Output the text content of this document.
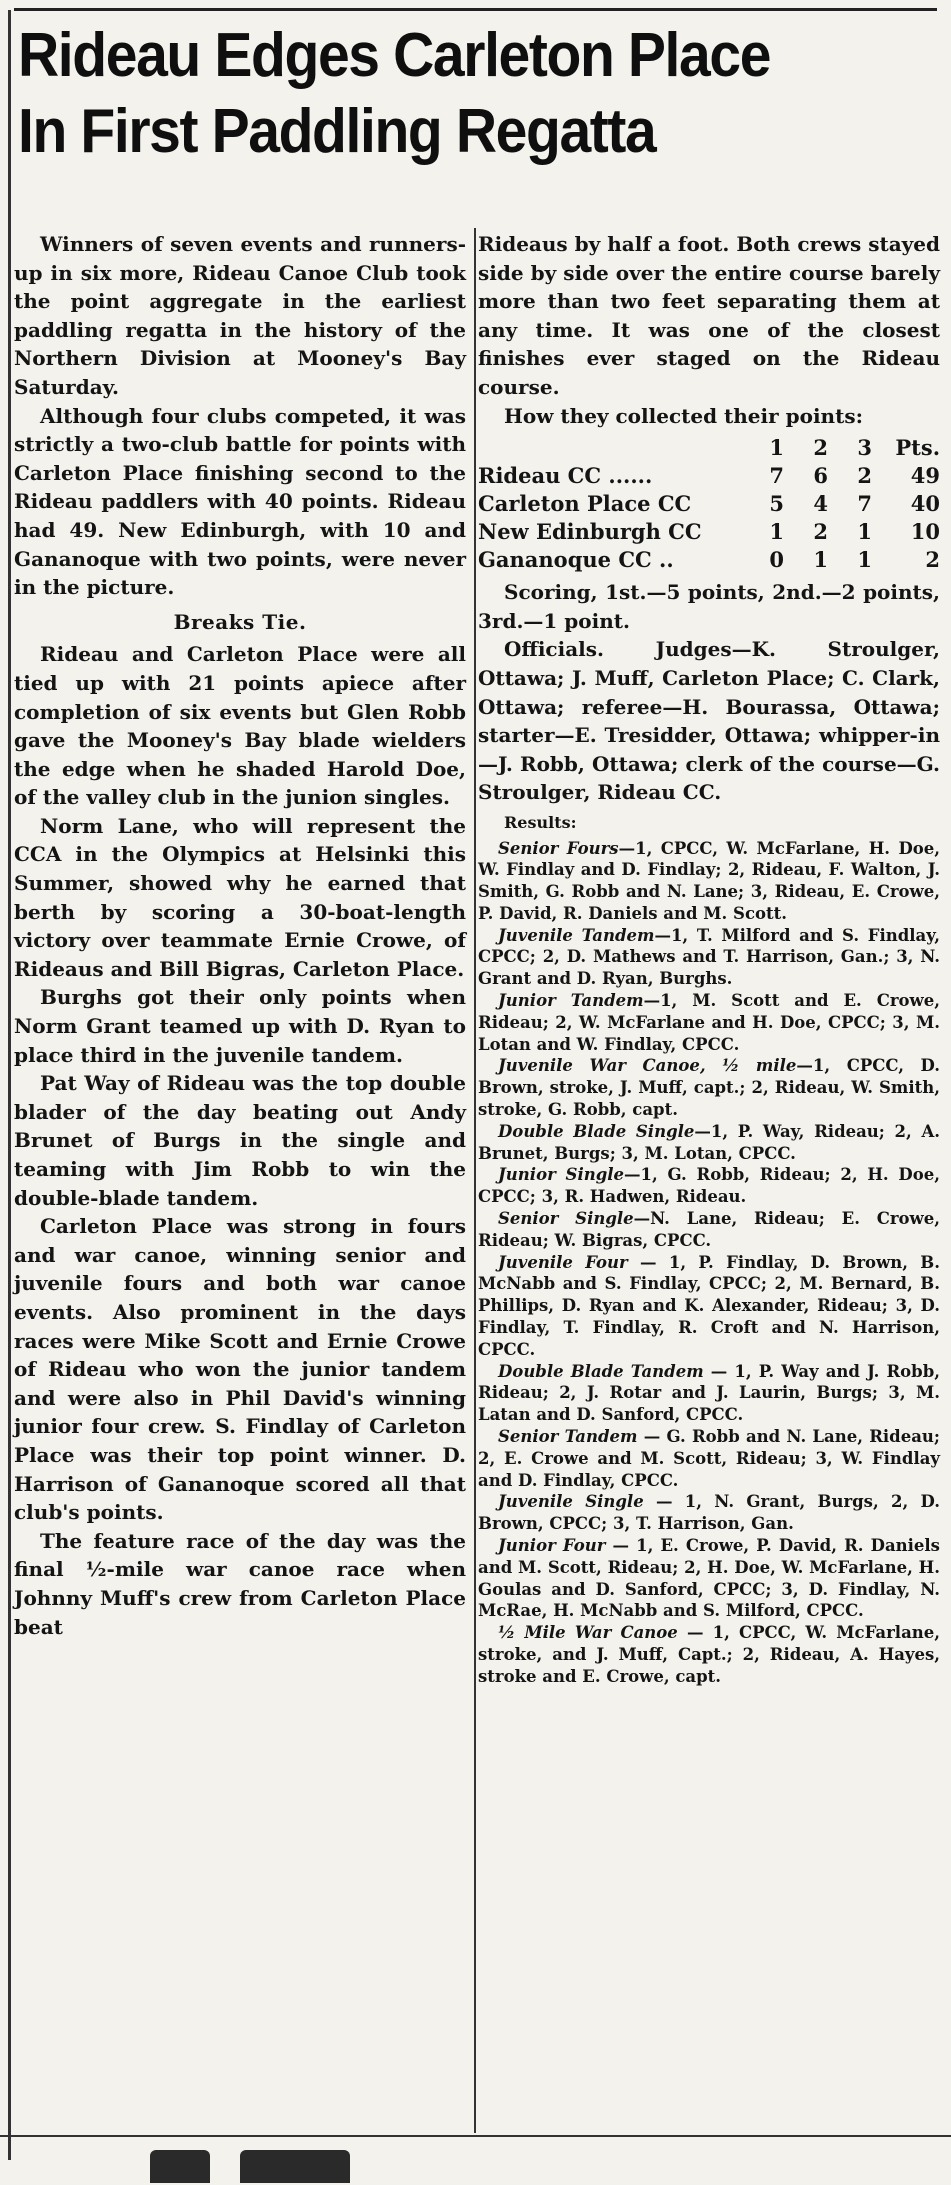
Rideau Edges Carleton Place
In First Paddling Regatta

Winners of seven events and runners-up in six more, Rideau Canoe Club took the point aggregate in the earliest paddling regatta in the history of the Northern Division at Mooney's Bay Saturday.

Although four clubs competed, it was strictly a two-club battle for points with Carleton Place finishing second to the Rideau paddlers with 40 points. Rideau had 49. New Edinburgh, with 10 and Gananoque with two points, were never in the picture.

Breaks Tie.

Rideau and Carleton Place were all tied up with 21 points apiece after completion of six events but Glen Robb gave the Mooney's Bay blade wielders the edge when he shaded Harold Doe, of the valley club in the junion singles.

Norm Lane, who will represent the CCA in the Olympics at Helsinki this Summer, showed why he earned that berth by scoring a 30-boat-length victory over teammate Ernie Crowe, of Rideaus and Bill Bigras, Carleton Place.

Burghs got their only points when Norm Grant teamed up with D. Ryan to place third in the juvenile tandem.

Pat Way of Rideau was the top double blader of the day beating out Andy Brunet of Burgs in the single and teaming with Jim Robb to win the double-blade tandem.

Carleton Place was strong in fours and war canoe, winning senior and juvenile fours and both war canoe events. Also prominent in the days races were Mike Scott and Ernie Crowe of Rideau who won the junior tandem and were also in Phil David's winning junior four crew. S. Findlay of Carleton Place was their top point winner. D. Harrison of Gananoque scored all that club's points.

The feature race of the day was the final ½-mile war canoe race when Johnny Muff's crew from Carleton Place beat

Rideaus by half a foot. Both crews stayed side by side over the entire course barely more than two feet separating them at any time. It was one of the closest finishes ever staged on the Rideau course.

How they collected their points:

	1	2	3	Pts.
Rideau CC ......	7	6	2	49
Carleton Place CC	5	4	7	40
New Edinburgh CC	1	2	1	10
Gananoque CC ..	0	1	1	2

Scoring, 1st.—5 points, 2nd.—2 points, 3rd.—1 point.

Officials. Judges—K. Stroulger, Ottawa; J. Muff, Carleton Place; C. Clark, Ottawa; referee—H. Bourassa, Ottawa; starter—E. Tresidder, Ottawa; whipper-in—J. Robb, Ottawa; clerk of the course—G. Stroulger, Rideau CC.

Results:

Senior Fours—1, CPCC, W. McFarlane, H. Doe, W. Findlay and D. Findlay; 2, Rideau, F. Walton, J. Smith, G. Robb and N. Lane; 3, Rideau, E. Crowe, P. David, R. Daniels and M. Scott.

Juvenile Tandem—1, T. Milford and S. Findlay, CPCC; 2, D. Mathews and T. Harrison, Gan.; 3, N. Grant and D. Ryan, Burghs.

Junior Tandem—1, M. Scott and E. Crowe, Rideau; 2, W. McFarlane and H. Doe, CPCC; 3, M. Lotan and W. Findlay, CPCC.

Juvenile War Canoe, ½ mile—1, CPCC, D. Brown, stroke, J. Muff, capt.; 2, Rideau, W. Smith, stroke, G. Robb, capt.

Double Blade Single—1, P. Way, Rideau; 2, A. Brunet, Burgs; 3, M. Lotan, CPCC.

Junior Single—1, G. Robb, Rideau; 2, H. Doe, CPCC; 3, R. Hadwen, Rideau.

Senior Single—N. Lane, Rideau; E. Crowe, Rideau; W. Bigras, CPCC.

Juvenile Four — 1, P. Findlay, D. Brown, B. McNabb and S. Findlay, CPCC; 2, M. Bernard, B. Phillips, D. Ryan and K. Alexander, Rideau; 3, D. Findlay, T. Findlay, R. Croft and N. Harrison, CPCC.

Double Blade Tandem — 1, P. Way and J. Robb, Rideau; 2, J. Rotar and J. Laurin, Burgs; 3, M. Latan and D. Sanford, CPCC.

Senior Tandem — G. Robb and N. Lane, Rideau; 2, E. Crowe and M. Scott, Rideau; 3, W. Findlay and D. Findlay, CPCC.

Juvenile Single — 1, N. Grant, Burgs, 2, D. Brown, CPCC; 3, T. Harrison, Gan.

Junior Four — 1, E. Crowe, P. David, R. Daniels and M. Scott, Rideau; 2, H. Doe, W. McFarlane, H. Goulas and D. Sanford, CPCC; 3, D. Findlay, N. McRae, H. McNabb and S. Milford, CPCC.

½ Mile War Canoe — 1, CPCC, W. McFarlane, stroke, and J. Muff, Capt.; 2, Rideau, A. Hayes, stroke and E. Crowe, capt.
